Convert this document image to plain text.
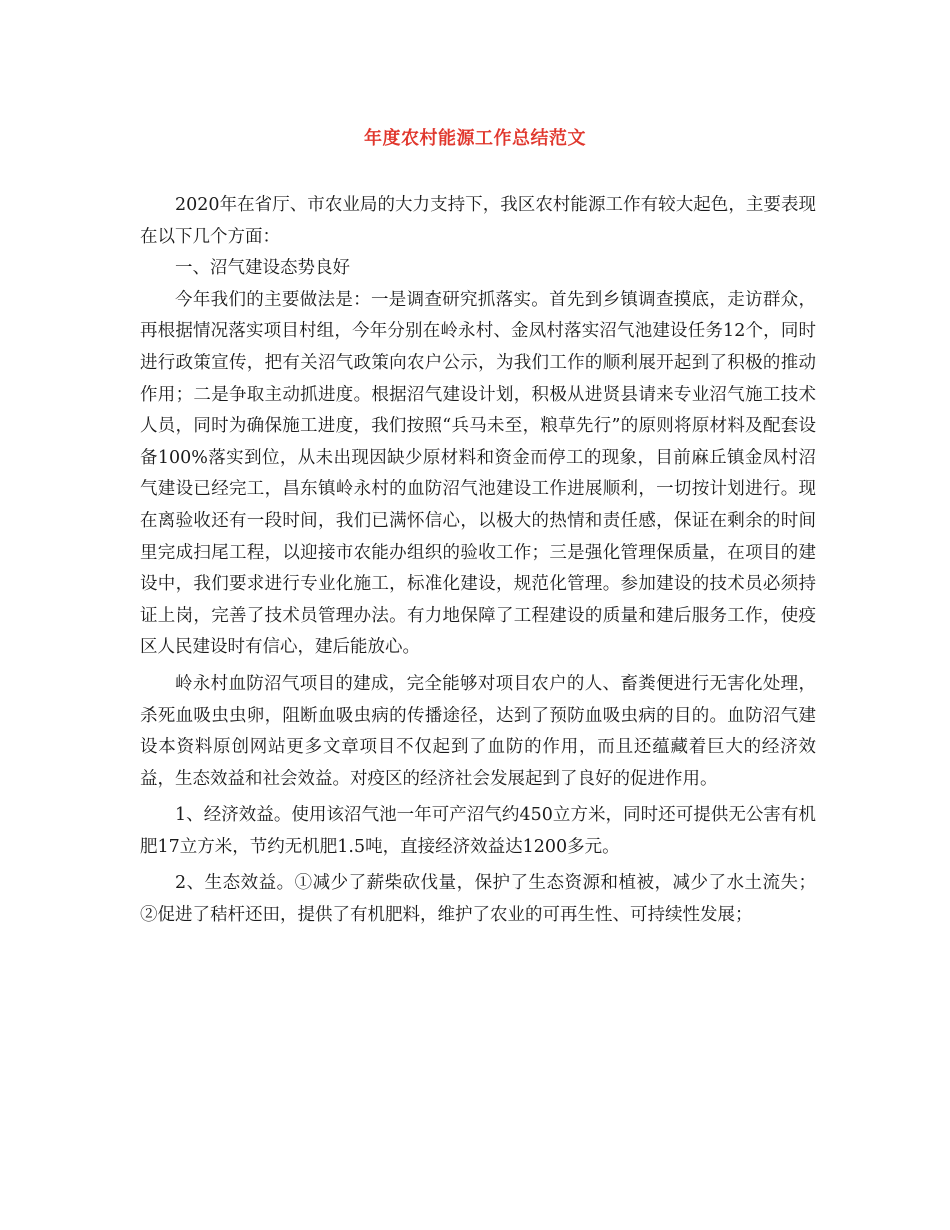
年度农村能源工作总结范文

2020年在省厅、市农业局的大力支持下，我区农村能源工作有较大起色，主要表现在以下几个方面：

一、沼气建设态势良好

今年我们的主要做法是：一是调查研究抓落实。首先到乡镇调查摸底，走访群众，再根据情况落实项目村组，今年分别在岭永村、金凤村落实沼气池建设任务12个，同时进行政策宣传，把有关沼气政策向农户公示，为我们工作的顺利展开起到了积极的推动作用；二是争取主动抓进度。根据沼气建设计划，积极从进贤县请来专业沼气施工技术人员，同时为确保施工进度，我们按照“兵马未至，粮草先行”的原则将原材料及配套设备100%落实到位，从未出现因缺少原材料和资金而停工的现象，目前麻丘镇金凤村沼气建设已经完工，昌东镇岭永村的血防沼气池建设工作进展顺利，一切按计划进行。现在离验收还有一段时间，我们已满怀信心，以极大的热情和责任感，保证在剩余的时间里完成扫尾工程，以迎接市农能办组织的验收工作；三是强化管理保质量，在项目的建设中，我们要求进行专业化施工，标准化建设，规范化管理。参加建设的技术员必须持证上岗，完善了技术员管理办法。有力地保障了工程建设的质量和建后服务工作，使疫区人民建设时有信心，建后能放心。

岭永村血防沼气项目的建成，完全能够对项目农户的人、畜粪便进行无害化处理，杀死血吸虫虫卵，阻断血吸虫病的传播途径，达到了预防血吸虫病的目的。血防沼气建设本资料原创网站更多文章项目不仅起到了血防的作用，而且还蕴藏着巨大的经济效益，生态效益和社会效益。对疫区的经济社会发展起到了良好的促进作用。

1、经济效益。使用该沼气池一年可产沼气约450立方米，同时还可提供无公害有机肥17立方米，节约无机肥1.5吨，直接经济效益达1200多元。

2、生态效益。①减少了薪柴砍伐量，保护了生态资源和植被，减少了水土流失；②促进了秸杆还田，提供了有机肥料，维护了农业的可再生性、可持续性发展；
